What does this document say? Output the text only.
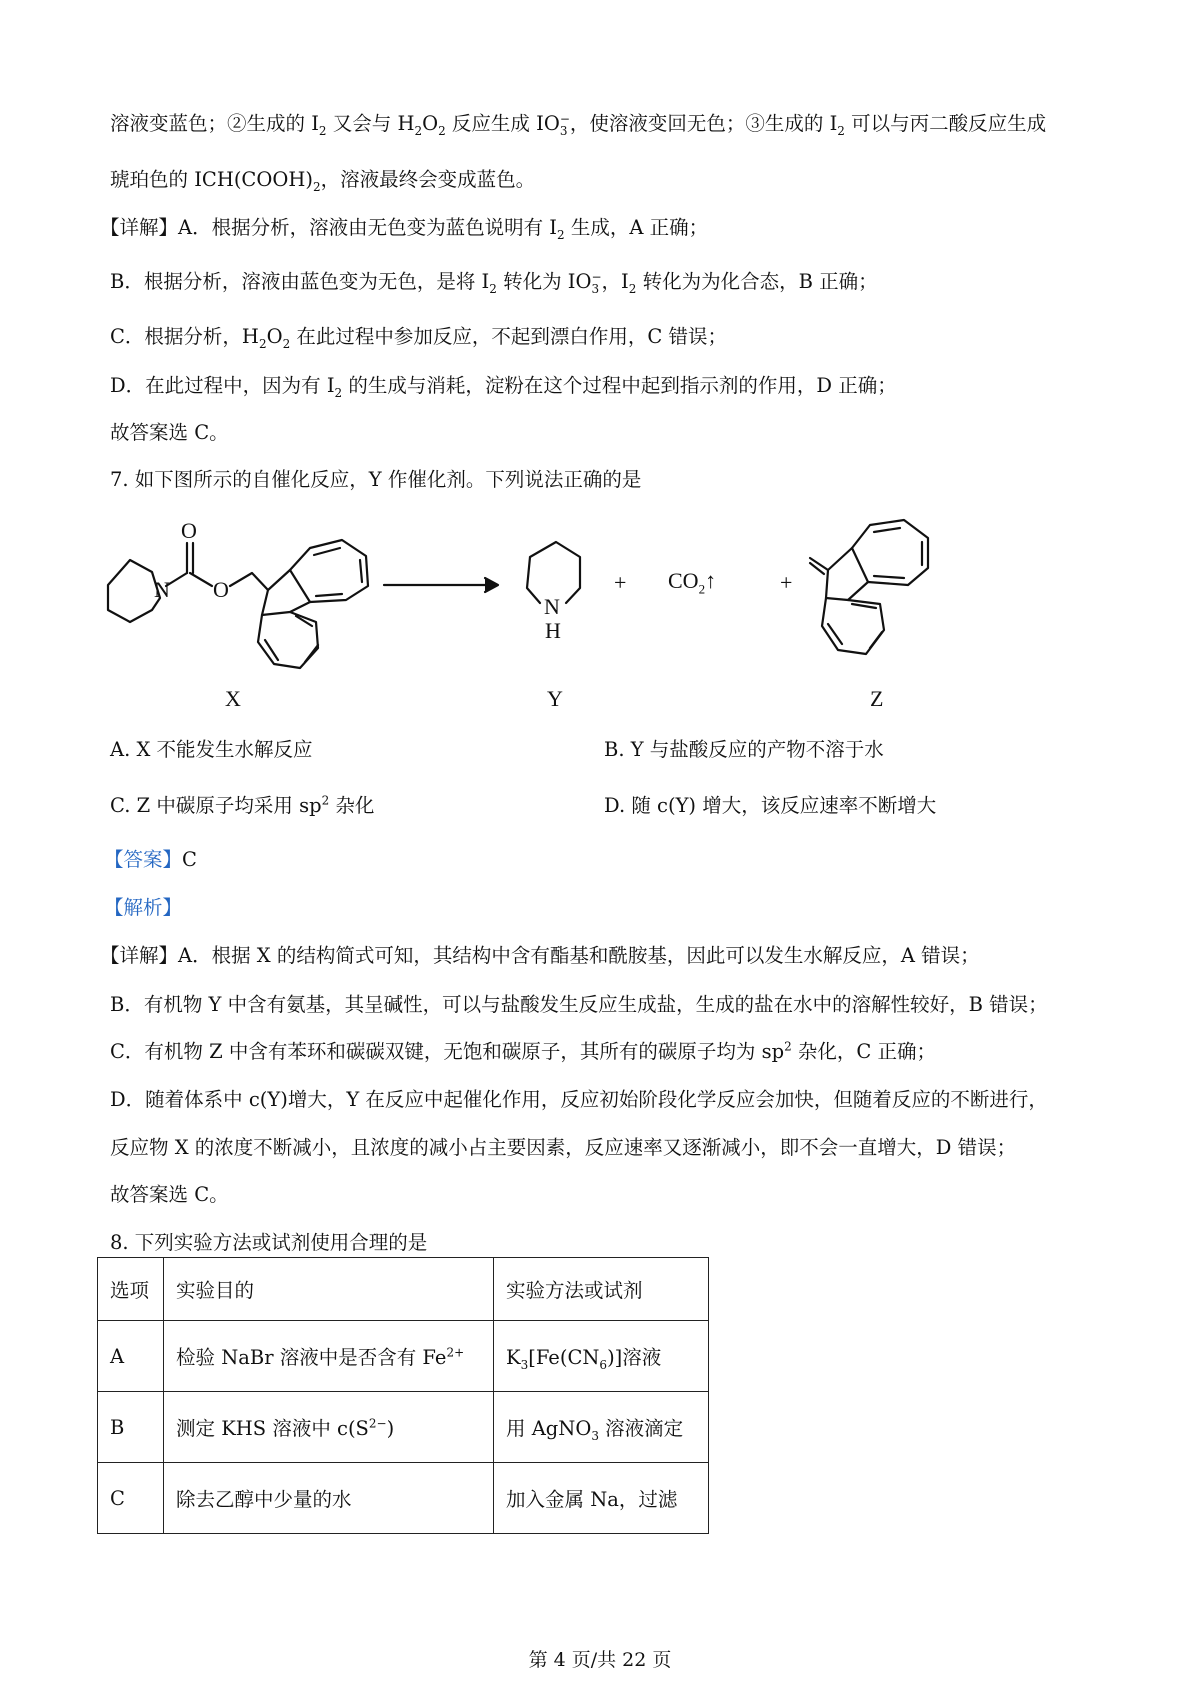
溶液变蓝色；②生成的 $I_2$ 又会与 $H_2O_2$ 反应生成 IO −
3 ，使溶液变回无色；③生成的 $I_2$ 可以与丙二酸反应生成
琥珀色的 $ICH(COOH)_2$，溶液最终会变成蓝色。
【详解】A．根据分析，溶液由无色变为蓝色说明有 $I_2$ 生成，A 正确；
B．根据分析，溶液由蓝色变为无色，是将 $I_2$ 转化为 IO −
3 ，$I_2$ 转化为为化合态，B 正确；
C．根据分析，$H_2O_2$ 在此过程中参加反应，不起到漂白作用，C 错误；
D．在此过程中，因为有 $I_2$ 的生成与消耗，淀粉在这个过程中起到指示剂的作用，D 正确；
故答案选 C。
7. 如下图所示的自催化反应，Y 作催化剂。下列说法正确的是
O
O
N
N
H
+ $CO_2↑$	+
X	Y	Z
A. X 不能发生水解反应	B. Y 与盐酸反应的产物不溶于水
C. Z 中碳原子均采用 $sp^2$ 杂化	D. 随 c(Y) 增大，该反应速率不断增大
【答案】C
【解析】
【详解】A．根据 X 的结构简式可知，其结构中含有酯基和酰胺基，因此可以发生水解反应，A 错误；
B．有机物 Y 中含有氨基，其呈碱性，可以与盐酸发生反应生成盐，生成的盐在水中的溶解性较好，B 错误；
C．有机物 Z 中含有苯环和碳碳双键，无饱和碳原子，其所有的碳原子均为 $sp^2$ 杂化，C 正确；
D．随着体系中 c(Y)增大，Y 在反应中起催化作用，反应初始阶段化学反应会加快，但随着反应的不断进行，
反应物 X 的浓度不断减小，且浓度的减小占主要因素，反应速率又逐渐减小，即不会一直增大，D 错误；
故答案选 C。
8. 下列实验方法或试剂使用合理的是
选项	实验目的	实验方法或试剂
A	检验 NaBr 溶液中是否含有 $Fe^{2+}$	$K_3[Fe(CN_6)]$溶液
B	测定 KHS 溶液中 $c(S^{2-})$	用 AgNO$_3$ 溶液滴定
C	除去乙醇中少量的水	加入金属 Na，过滤
第 4 页/共 22 页
